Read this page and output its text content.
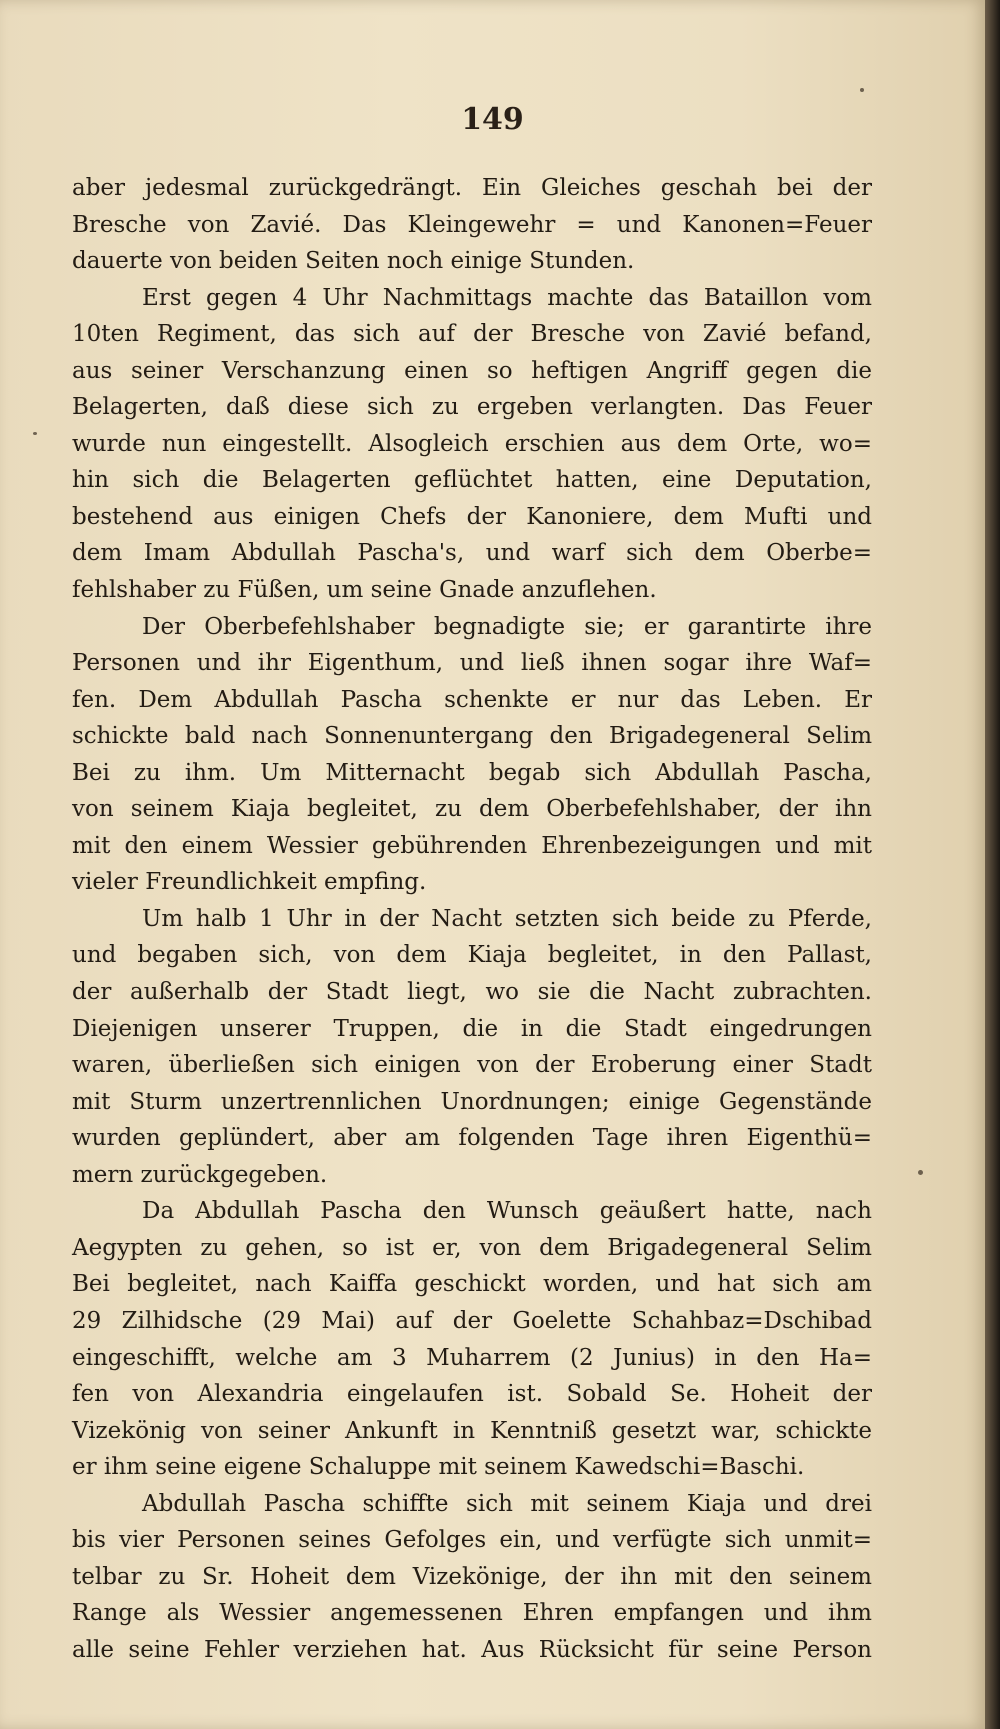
149
aber jedesmal zurückgedrängt. Ein Gleiches geschah bei der
Bresche von Zavié. Das Kleingewehr = und Kanonen=Feuer
dauerte von beiden Seiten noch einige Stunden.
Erst gegen 4 Uhr Nachmittags machte das Bataillon vom
10ten Regiment, das sich auf der Bresche von Zavié befand,
aus seiner Verschanzung einen so heftigen Angriff gegen die
Belagerten, daß diese sich zu ergeben verlangten. Das Feuer
wurde nun eingestellt. Alsogleich erschien aus dem Orte, wo=
hin sich die Belagerten geflüchtet hatten, eine Deputation,
bestehend aus einigen Chefs der Kanoniere, dem Mufti und
dem Imam Abdullah Pascha's, und warf sich dem Oberbe=
fehlshaber zu Füßen, um seine Gnade anzuflehen.
Der Oberbefehlshaber begnadigte sie; er garantirte ihre
Personen und ihr Eigenthum, und ließ ihnen sogar ihre Waf=
fen. Dem Abdullah Pascha schenkte er nur das Leben. Er
schickte bald nach Sonnenuntergang den Brigadegeneral Selim
Bei zu ihm. Um Mitternacht begab sich Abdullah Pascha,
von seinem Kiaja begleitet, zu dem Oberbefehlshaber, der ihn
mit den einem Wessier gebührenden Ehrenbezeigungen und mit
vieler Freundlichkeit empfing.
Um halb 1 Uhr in der Nacht setzten sich beide zu Pferde,
und begaben sich, von dem Kiaja begleitet, in den Pallast,
der außerhalb der Stadt liegt, wo sie die Nacht zubrachten.
Diejenigen unserer Truppen, die in die Stadt eingedrungen
waren, überließen sich einigen von der Eroberung einer Stadt
mit Sturm unzertrennlichen Unordnungen; einige Gegenstände
wurden geplündert, aber am folgenden Tage ihren Eigenthü=
mern zurückgegeben.
Da Abdullah Pascha den Wunsch geäußert hatte, nach
Aegypten zu gehen, so ist er, von dem Brigadegeneral Selim
Bei begleitet, nach Kaiffa geschickt worden, und hat sich am
29 Zilhidsche (29 Mai) auf der Goelette Schahbaz=Dschibad
eingeschifft, welche am 3 Muharrem (2 Junius) in den Ha=
fen von Alexandria eingelaufen ist. Sobald Se. Hoheit der
Vizekönig von seiner Ankunft in Kenntniß gesetzt war, schickte
er ihm seine eigene Schaluppe mit seinem Kawedschi=Baschi.
Abdullah Pascha schiffte sich mit seinem Kiaja und drei
bis vier Personen seines Gefolges ein, und verfügte sich unmit=
telbar zu Sr. Hoheit dem Vizekönige, der ihn mit den seinem
Range als Wessier angemessenen Ehren empfangen und ihm
alle seine Fehler verziehen hat. Aus Rücksicht für seine Person
